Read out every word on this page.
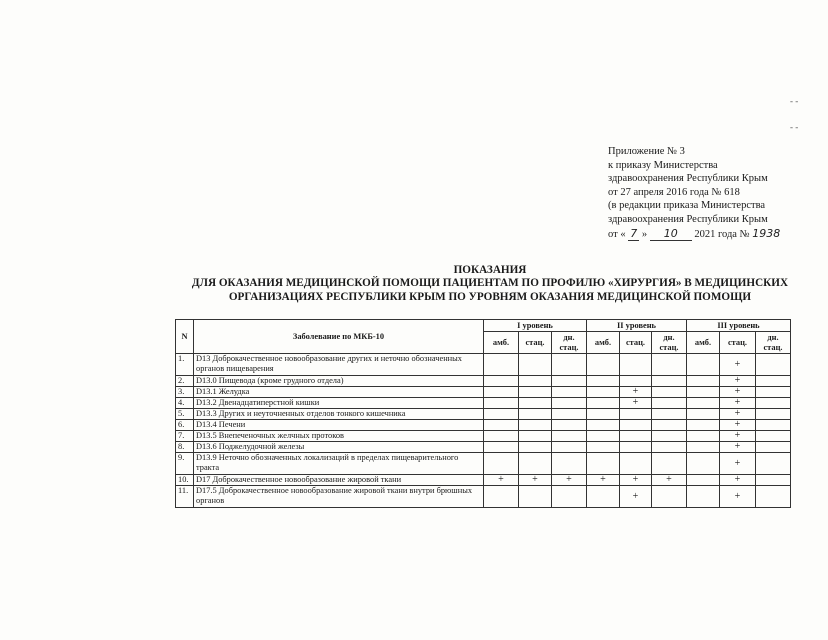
- ‐
- ‐
Приложение № 3
к приказу Министерства
здравоохранения Республики Крым
от 27 апреля 2016 года № 618
(в редакции приказа Министерства
здравоохранения Республики Крым
от « 7 » 10 2021 года № 1938
ПОКАЗАНИЯ
ДЛЯ ОКАЗАНИЯ МЕДИЦИНСКОЙ ПОМОЩИ ПАЦИЕНТАМ ПО ПРОФИЛЮ «ХИРУРГИЯ» В МЕДИЦИНСКИХ
ОРГАНИЗАЦИЯХ РЕСПУБЛИКИ КРЫМ ПО УРОВНЯМ ОКАЗАНИЯ МЕДИЦИНСКОЙ ПОМОЩИ
N	Заболевание по МКБ-10	I уровень			II уровень			III уровень		
		амб.	стац.	дн. стац.	амб.	стац.	дн. стац.	амб.	стац.	дн. стац.
1.	D13 Доброкачественное новообразование других и неточно обозначенных органов пищеварения								+	
2.	D13.0 Пищевода (кроме грудного отдела)								+	
3.	D13.1 Желудка					+			+	
4.	D13.2 Двенадцатиперстной кишки					+			+	
5.	D13.3 Других и неуточненных отделов тонкого кишечника								+	
6.	D13.4 Печени								+	
7.	D13.5 Внепеченочных желчных протоков								+	
8.	D13.6 Поджелудочной железы								+	
9.	D13.9 Неточно обозначенных локализаций в пределах пищеварительного тракта								+	
10.	D17 Доброкачественное новообразование жировой ткани	+	+	+	+	+	+		+	
11.	D17.5 Доброкачественное новообразование жировой ткани внутри брюшных органов					+			+	
